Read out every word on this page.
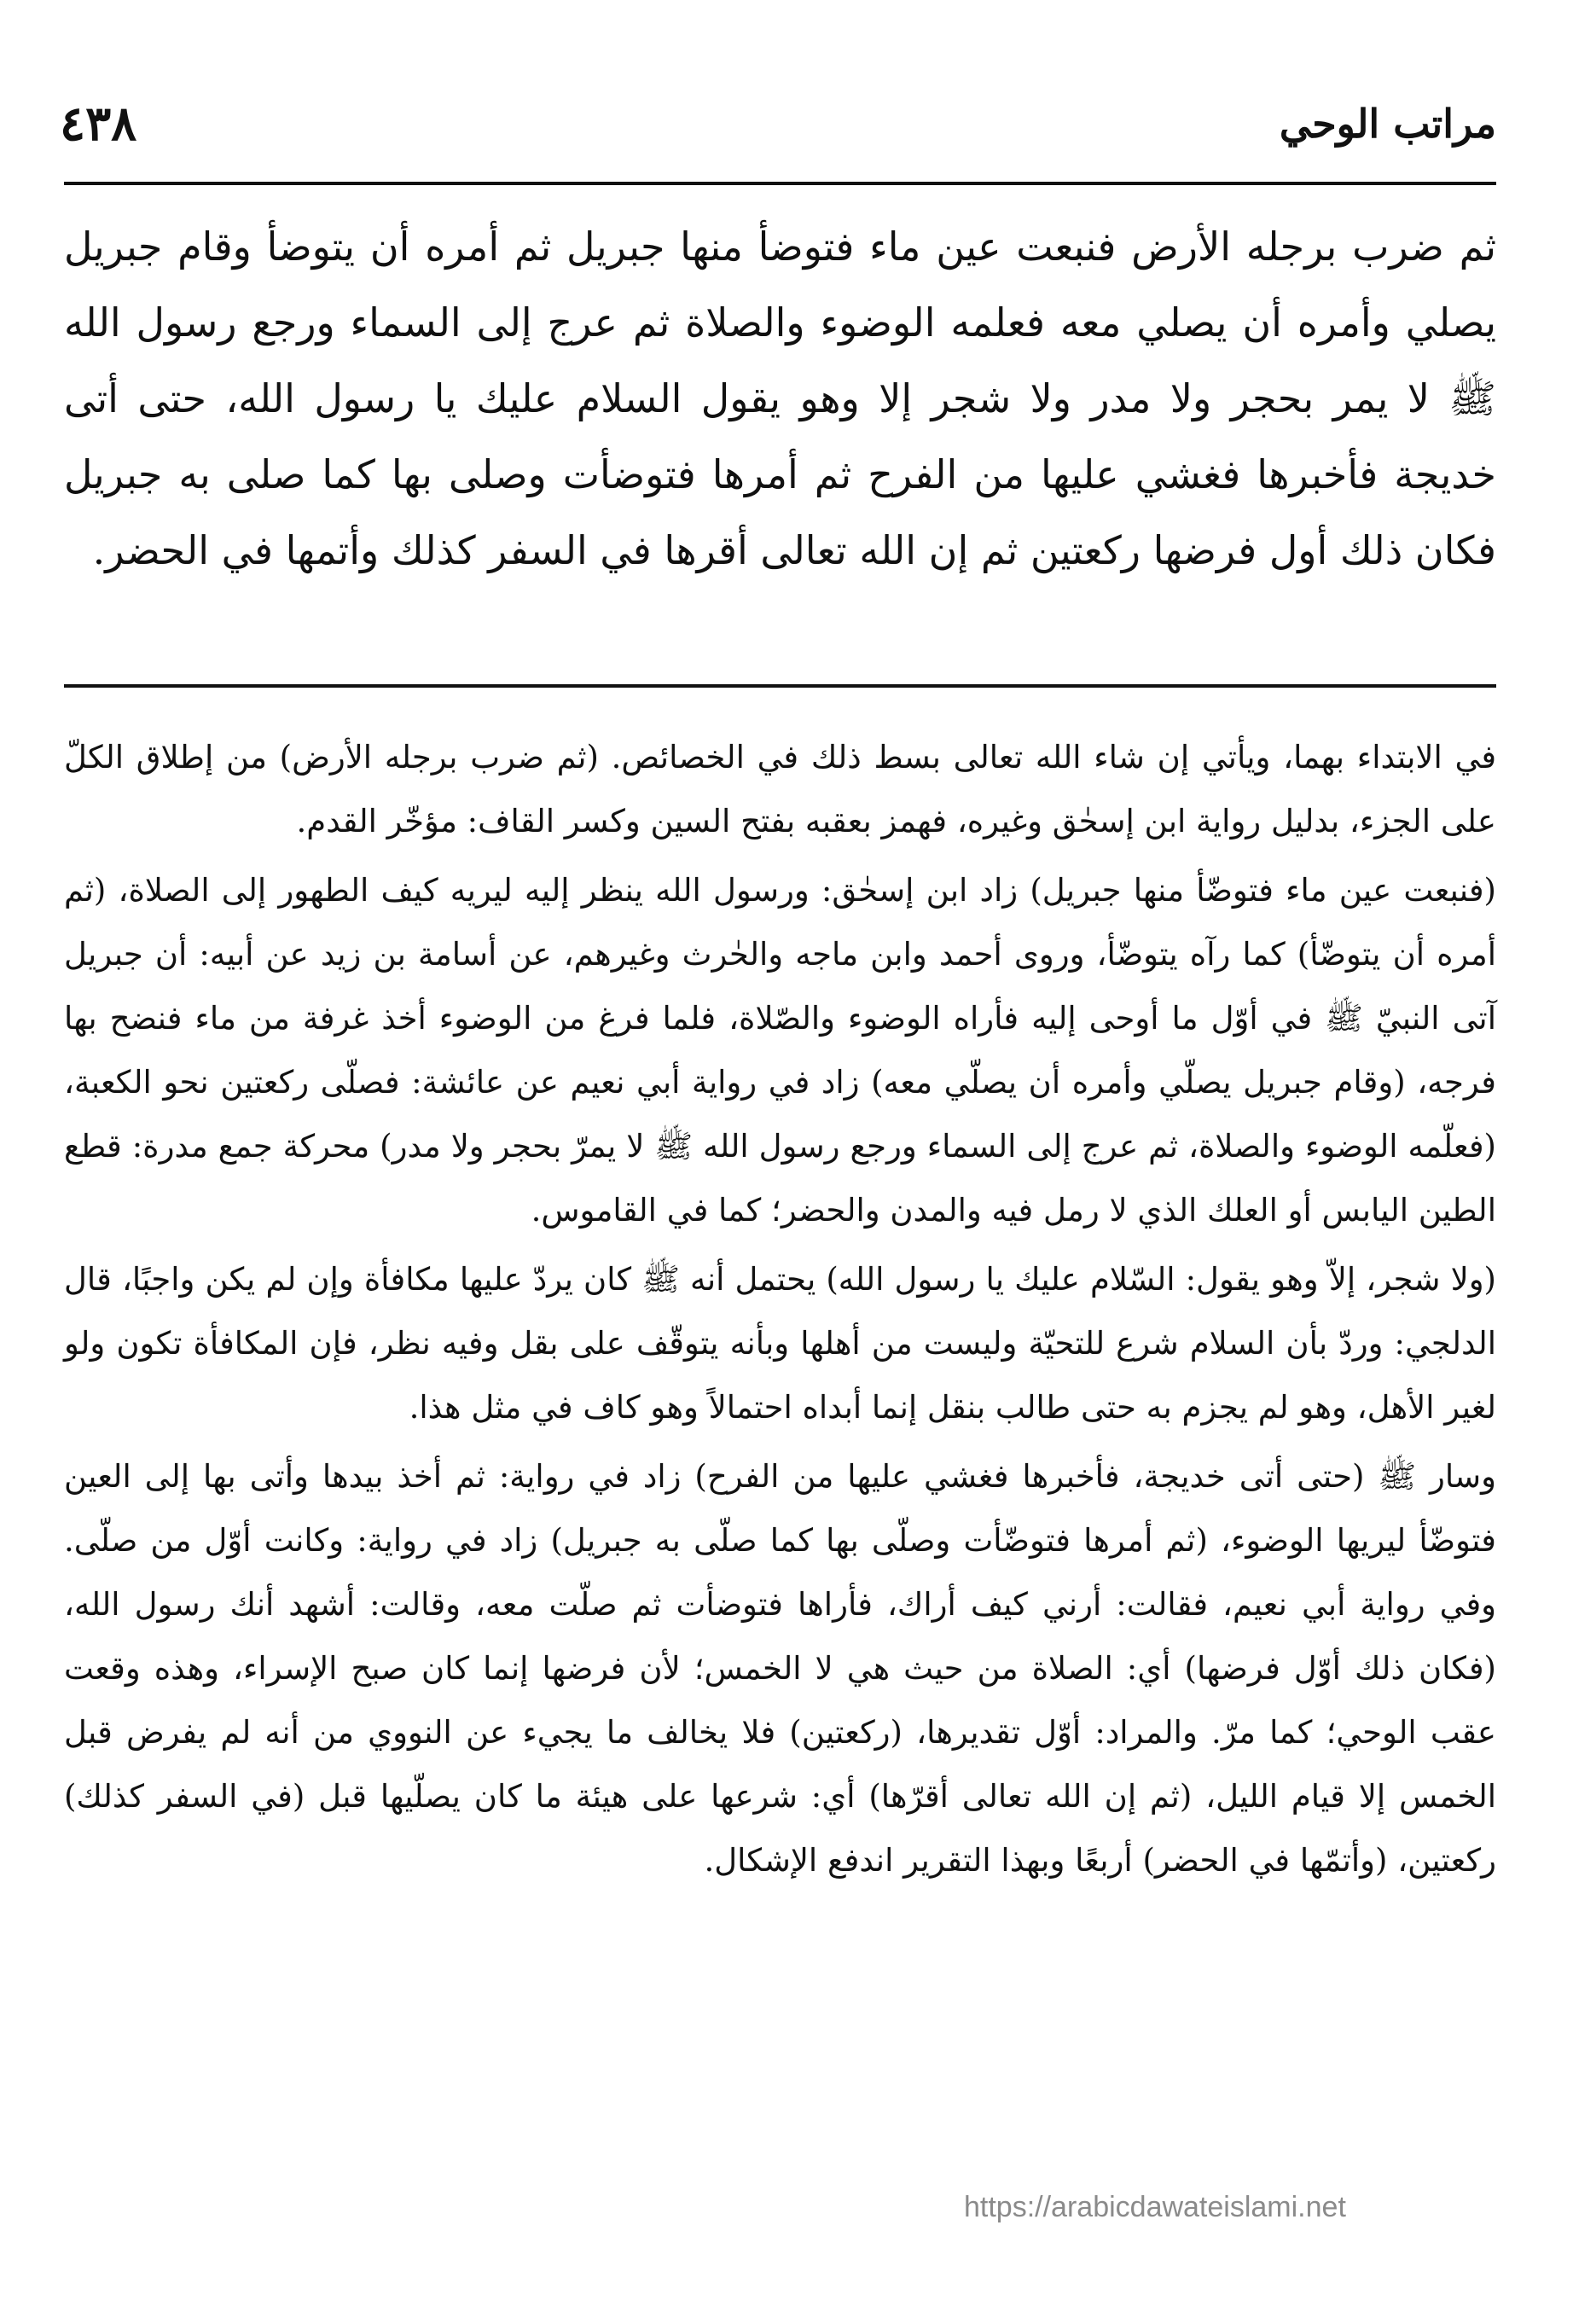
مراتب الوحي
٤٣٨
ثم ضرب برجله الأرض فنبعت عين ماء فتوضأ منها جبريل ثم أمره أن يتوضأ وقام جبريل يصلي وأمره أن يصلي معه فعلمه الوضوء والصلاة ثم عرج إلى السماء ورجع رسول الله ﷺ لا يمر بحجر ولا مدر ولا شجر إلا وهو يقول السلام عليك يا رسول الله، حتى أتى خديجة فأخبرها فغشي عليها من الفرح ثم أمرها فتوضأت وصلى بها كما صلى به جبريل فكان ذلك أول فرضها ركعتين ثم إن الله تعالى أقرها في السفر كذلك وأتمها في الحضر.

في الابتداء بهما، ويأتي إن شاء الله تعالى بسط ذلك في الخصائص. (ثم ضرب برجله الأرض) من إطلاق الكلّ على الجزء، بدليل رواية ابن إسحٰق وغيره، فهمز بعقبه بفتح السين وكسر القاف: مؤخّر القدم.

(فنبعت عين ماء فتوضّأ منها جبريل) زاد ابن إسحٰق: ورسول الله ينظر إليه ليريه كيف الطهور إلى الصلاة، (ثم أمره أن يتوضّأ) كما رآه يتوضّأ، وروى أحمد وابن ماجه والحٰرث وغيرهم، عن أسامة بن زيد عن أبيه: أن جبريل آتى النبيّ ﷺ في أوّل ما أوحى إليه فأراه الوضوء والصّلاة، فلما فرغ من الوضوء أخذ غرفة من ماء فنضح بها فرجه، (وقام جبريل يصلّي وأمره أن يصلّي معه) زاد في رواية أبي نعيم عن عائشة: فصلّى ركعتين نحو الكعبة، (فعلّمه الوضوء والصلاة، ثم عرج إلى السماء ورجع رسول الله ﷺ لا يمرّ بحجر ولا مدر) محركة جمع مدرة: قطع الطين اليابس أو العلك الذي لا رمل فيه والمدن والحضر؛ كما في القاموس.

(ولا شجر، إلاّ وهو يقول: السّلام عليك يا رسول الله) يحتمل أنه ﷺ كان يردّ عليها مكافأة وإن لم يكن واجبًا، قال الدلجي: وردّ بأن السلام شرع للتحيّة وليست من أهلها وبأنه يتوقّف على بقل وفيه نظر، فإن المكافأة تكون ولو لغير الأهل، وهو لم يجزم به حتى طالب بنقل إنما أبداه احتمالاً وهو كاف في مثل هذا.

وسار ﷺ (حتى أتى خديجة، فأخبرها فغشي عليها من الفرح) زاد في رواية: ثم أخذ بيدها وأتى بها إلى العين فتوضّأ ليريها الوضوء، (ثم أمرها فتوضّأت وصلّى بها كما صلّى به جبريل) زاد في رواية: وكانت أوّل من صلّى. وفي رواية أبي نعيم، فقالت: أرني كيف أراك، فأراها فتوضأت ثم صلّت معه، وقالت: أشهد أنك رسول الله، (فكان ذلك أوّل فرضها) أي: الصلاة من حيث هي لا الخمس؛ لأن فرضها إنما كان صبح الإسراء، وهذه وقعت عقب الوحي؛ كما مرّ. والمراد: أوّل تقديرها، (ركعتين) فلا يخالف ما يجيء عن النووي من أنه لم يفرض قبل الخمس إلا قيام الليل، (ثم إن الله تعالى أقرّها) أي: شرعها على هيئة ما كان يصلّيها قبل (في السفر كذلك) ركعتين، (وأتمّها في الحضر) أربعًا وبهذا التقرير اندفع الإشكال.

https://arabicdawateislami.net
